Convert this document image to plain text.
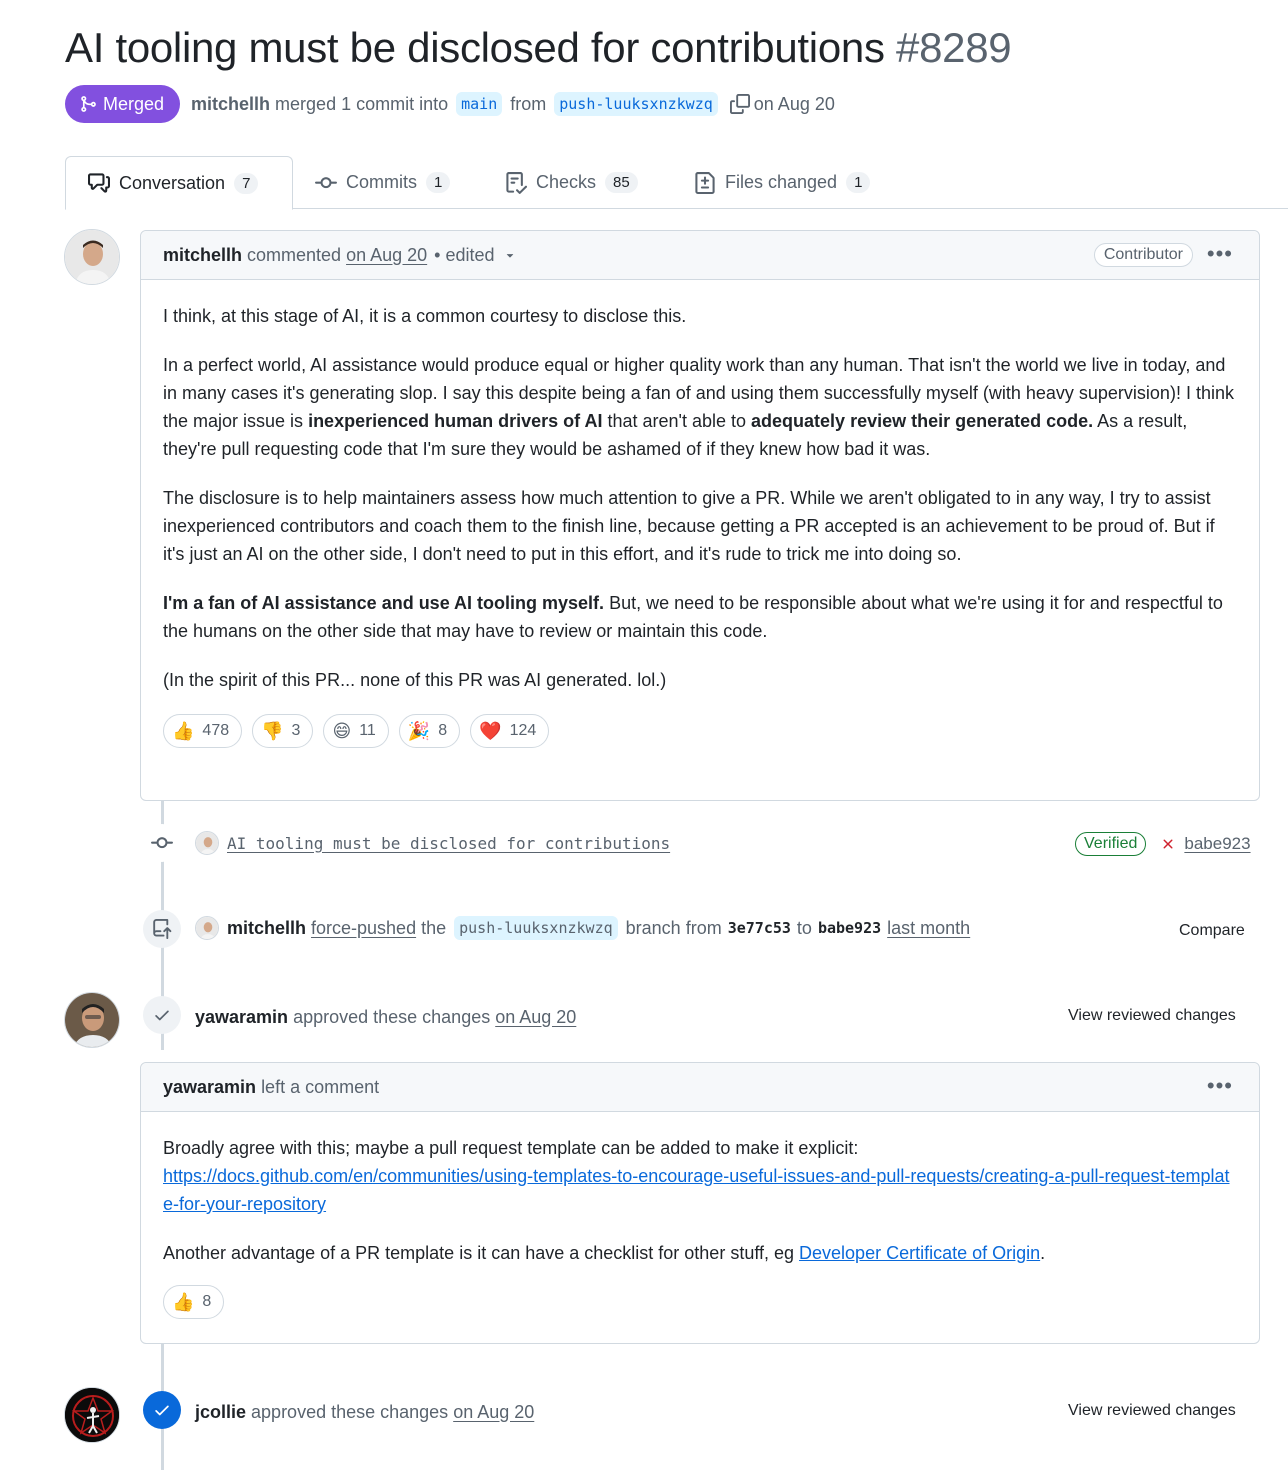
AI tooling must be disclosed for contributions #8289
Merged mitchellh merged 1 commit into main from push-luuksxnzkwzq on Aug 20
Conversation	7	Commits	1	Checks	85	Files changed	1
mitchellh commented on Aug 20 • edited	Contributor	•••

I think, at this stage of AI, it is a common courtesy to disclose this.

In a perfect world, AI assistance would produce equal or higher quality work than any human. That isn't the world we live in today, and in many cases it's generating slop. I say this despite being a fan of and using them successfully myself (with heavy supervision)! I think the major issue is inexperienced human drivers of AI that aren't able to adequately review their generated code. As a result, they're pull requesting code that I'm sure they would be ashamed of if they knew how bad it was.

The disclosure is to help maintainers assess how much attention to give a PR. While we aren't obligated to in any way, I try to assist inexperienced contributors and coach them to the finish line, because getting a PR accepted is an achievement to be proud of. But if it's just an AI on the other side, I don't need to put in this effort, and it's rude to trick me into doing so.

I'm a fan of AI assistance and use AI tooling myself. But, we need to be responsible about what we're using it for and respectful to the humans on the other side that may have to review or maintain this code.

(In the spirit of this PR... none of this PR was AI generated. lol.)

👍 478 👎 3 😄 11 🎉 8 ❤️ 124
AI tooling must be disclosed for contributions	Verified	babe923
mitchellh force-pushed the push-luuksxnzkwzq branch from 3e77c53 to babe923 last month	Compare
yawaramin approved these changes on Aug 20	View reviewed changes
yawaramin left a comment	•••

Broadly agree with this; maybe a pull request template can be added to make it explicit:
https://docs.github.com/en/communities/using-templates-to-encourage-useful-issues-and-pull-requests/creating-a-pull-request-template-for-your-repository

Another advantage of a PR template is it can have a checklist for other stuff, eg Developer Certificate of Origin.

👍 8
jcollie approved these changes on Aug 20	View reviewed changes
